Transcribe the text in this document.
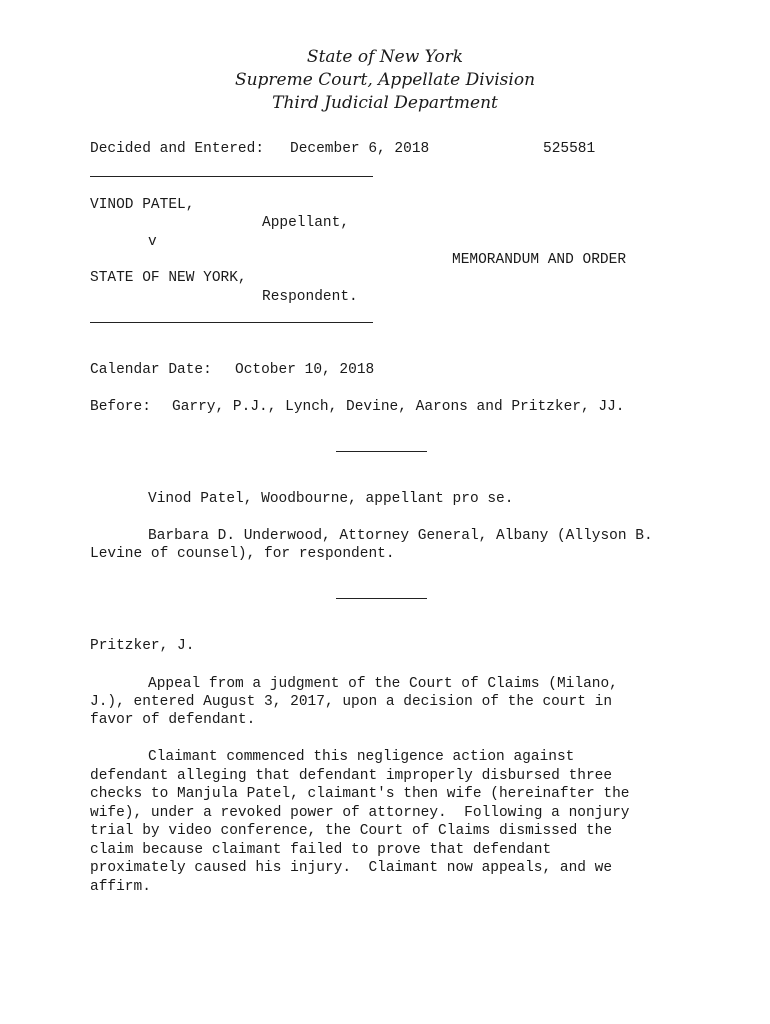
State of New York
Supreme Court, Appellate Division
Third Judicial Department
Decided and Entered: December 6, 2018	525581
VINOD PATEL,
Appellant,
v
MEMORANDUM AND ORDER
STATE OF NEW YORK,
Respondent.
Calendar Date: October 10, 2018
Before: Garry, P.J., Lynch, Devine, Aarons and Pritzker, JJ.
Vinod Patel, Woodbourne, appellant pro se.
Barbara D. Underwood, Attorney General, Albany (Allyson B.
Levine of counsel), for respondent.
Pritzker, J.
Appeal from a judgment of the Court of Claims (Milano,
J.), entered August 3, 2017, upon a decision of the court in
favor of defendant.
Claimant commenced this negligence action against
defendant alleging that defendant improperly disbursed three
checks to Manjula Patel, claimant's then wife (hereinafter the
wife), under a revoked power of attorney.  Following a nonjury
trial by video conference, the Court of Claims dismissed the
claim because claimant failed to prove that defendant
proximately caused his injury.  Claimant now appeals, and we
affirm.
